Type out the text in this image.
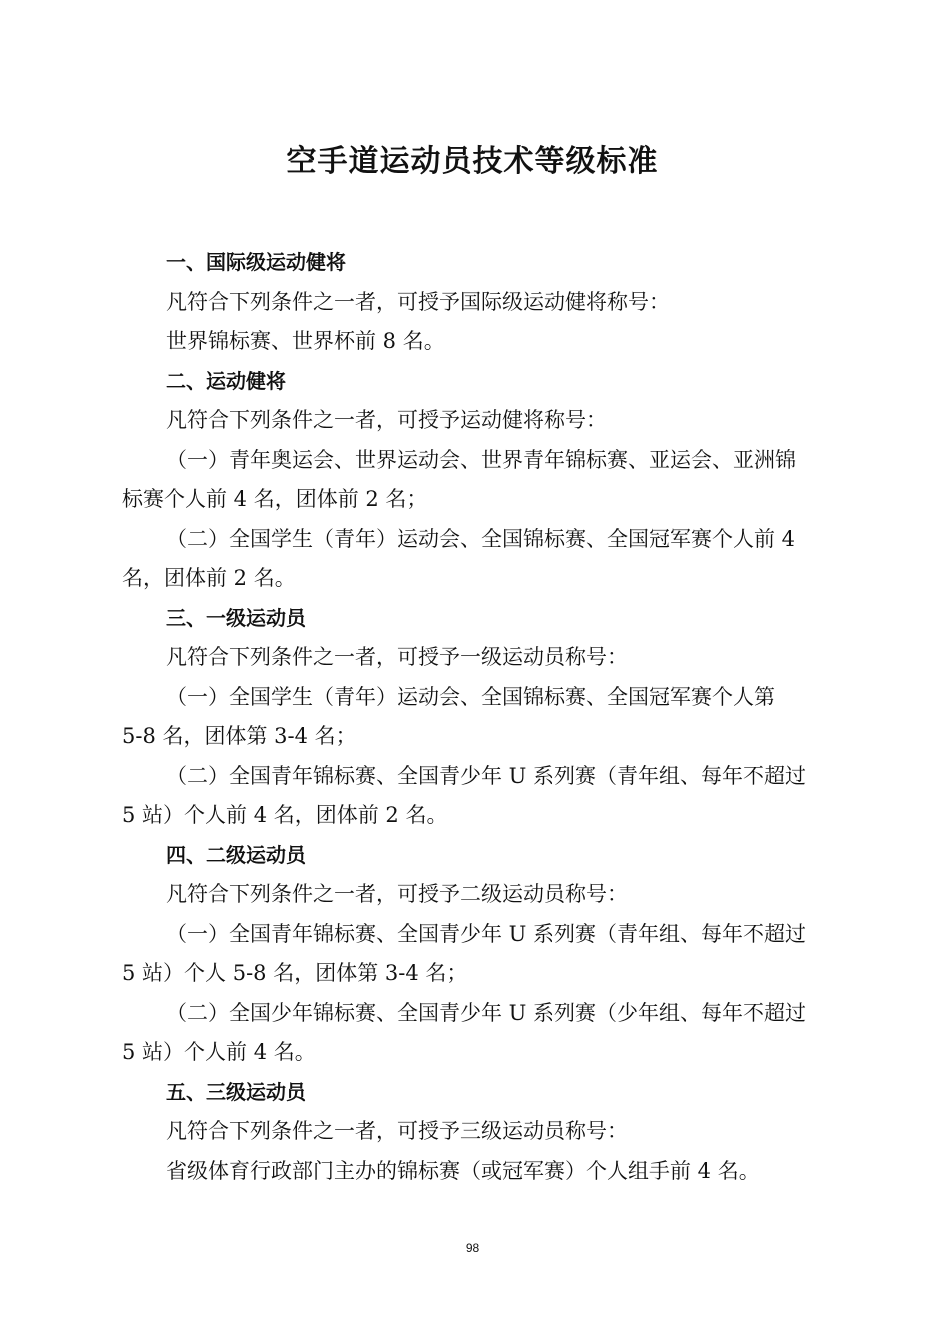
空手道运动员技术等级标准
一、国际级运动健将
凡符合下列条件之一者，可授予国际级运动健将称号：
世界锦标赛、世界杯前 8 名。
二、运动健将
凡符合下列条件之一者，可授予运动健将称号：
（一）青年奥运会、世界运动会、世界青年锦标赛、亚运会、亚洲锦
标赛个人前 4 名，团体前 2 名；
（二）全国学生（青年）运动会、全国锦标赛、全国冠军赛个人前 4
名，团体前 2 名。
三、一级运动员
凡符合下列条件之一者，可授予一级运动员称号：
（一）全国学生（青年）运动会、全国锦标赛、全国冠军赛个人第
5-8 名，团体第 3-4 名；
（二）全国青年锦标赛、全国青少年 U 系列赛（青年组、每年不超过
5 站）个人前 4 名，团体前 2 名。
四、二级运动员
凡符合下列条件之一者，可授予二级运动员称号：
（一）全国青年锦标赛、全国青少年 U 系列赛（青年组、每年不超过
5 站）个人 5-8 名，团体第 3-4 名；
（二）全国少年锦标赛、全国青少年 U 系列赛（少年组、每年不超过
5 站）个人前 4 名。
五、三级运动员
凡符合下列条件之一者，可授予三级运动员称号：
省级体育行政部门主办的锦标赛（或冠军赛）个人组手前 4 名。
98
